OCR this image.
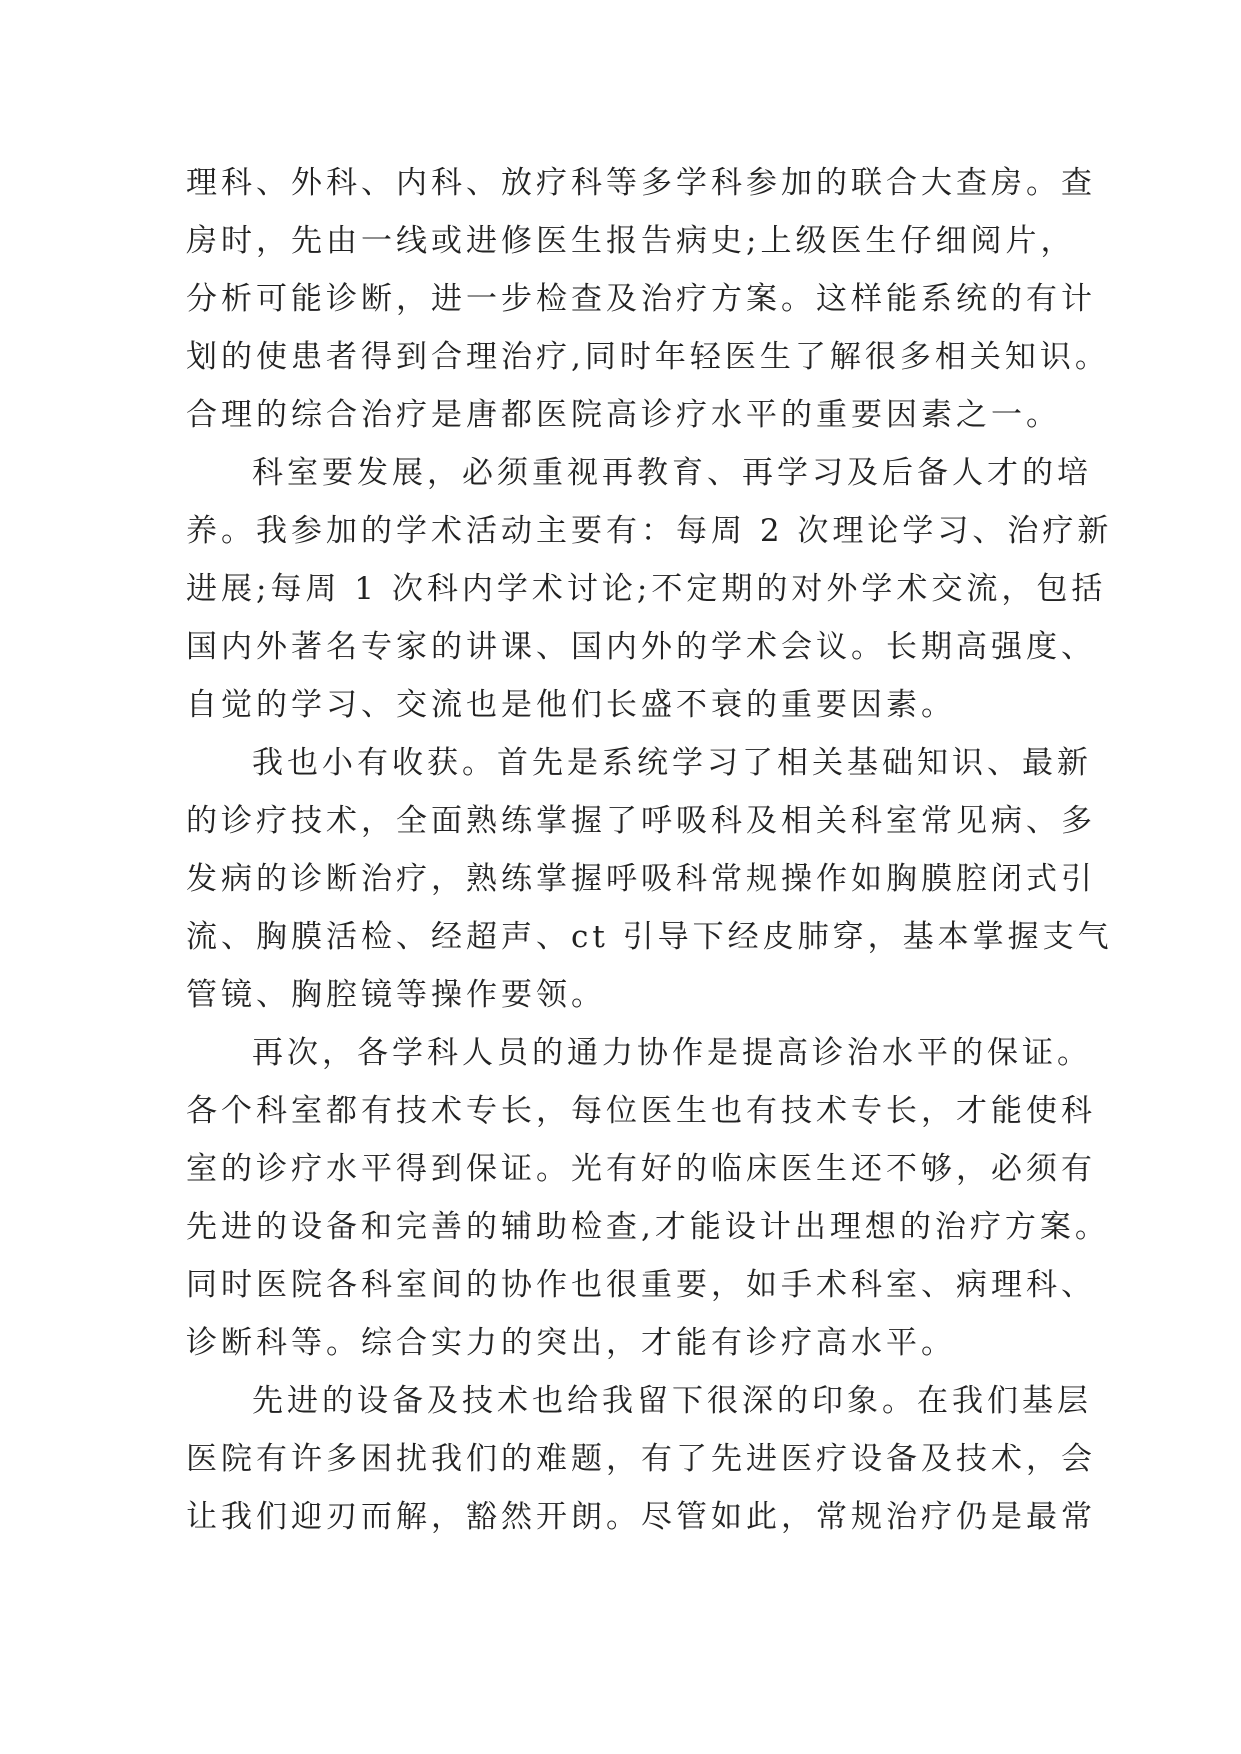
理科、外科、内科、放疗科等多学科参加的联合大查房。查
房时，先由一线或进修医生报告病史;上级医生仔细阅片，
分析可能诊断，进一步检查及治疗方案。这样能系统的有计
划的使患者得到合理治疗,同时年轻医生了解很多相关知识。
合理的综合治疗是唐都医院高诊疗水平的重要因素之一。
科室要发展，必须重视再教育、再学习及后备人才的培
养。我参加的学术活动主要有：每周 2 次理论学习、治疗新
进展;每周 1 次科内学术讨论;不定期的对外学术交流，包括
国内外著名专家的讲课、国内外的学术会议。长期高强度、
自觉的学习、交流也是他们长盛不衰的重要因素。
我也小有收获。首先是系统学习了相关基础知识、最新
的诊疗技术，全面熟练掌握了呼吸科及相关科室常见病、多
发病的诊断治疗，熟练掌握呼吸科常规操作如胸膜腔闭式引
流、胸膜活检、经超声、ct 引导下经皮肺穿，基本掌握支气
管镜、胸腔镜等操作要领。
再次，各学科人员的通力协作是提高诊治水平的保证。
各个科室都有技术专长，每位医生也有技术专长，才能使科
室的诊疗水平得到保证。光有好的临床医生还不够，必须有
先进的设备和完善的辅助检查,才能设计出理想的治疗方案。
同时医院各科室间的协作也很重要，如手术科室、病理科、
诊断科等。综合实力的突出，才能有诊疗高水平。
先进的设备及技术也给我留下很深的印象。在我们基层
医院有许多困扰我们的难题，有了先进医疗设备及技术，会
让我们迎刃而解，豁然开朗。尽管如此，常规治疗仍是最常
